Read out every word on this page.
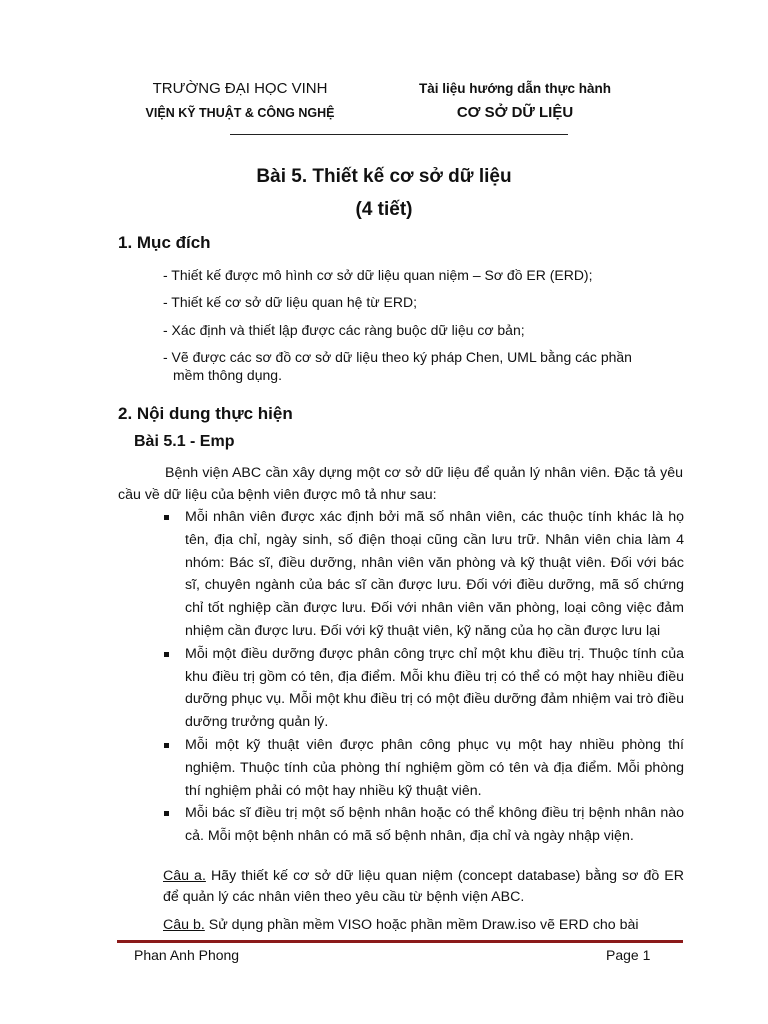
TRƯỜNG ĐẠI HỌC VINH
VIỆN KỸ THUẬT & CÔNG NGHỆ
Tài liệu hướng dẫn thực hành
CƠ SỞ DỮ LIỆU
Bài 5. Thiết kế cơ sở dữ liệu
(4 tiết)
1. Mục đích
- Thiết kế được mô hình cơ sở dữ liệu quan niệm – Sơ đồ ER (ERD);
- Thiết kế cơ sở dữ liệu quan hệ từ ERD;
- Xác định và thiết lập được các ràng buộc dữ liệu cơ bản;
- Vẽ được các sơ đồ cơ sở dữ liệu theo ký pháp Chen, UML bằng các phần
mềm thông dụng.
2. Nội dung thực hiện
Bài 5.1 - Emp
Bệnh viện ABC cần xây dựng một cơ sở dữ liệu để quản lý nhân viên. Đặc tả yêu cầu về dữ liệu của bệnh viên được mô tả như sau:
Mỗi nhân viên được xác định bởi mã số nhân viên, các thuộc tính khác là họ tên, địa chỉ, ngày sinh, số điện thoại cũng cần lưu trữ. Nhân viên chia làm 4 nhóm: Bác sĩ, điều dưỡng, nhân viên văn phòng và kỹ thuật viên. Đối với bác sĩ, chuyên ngành của bác sĩ cần được lưu. Đối với điều dưỡng, mã số chứng chỉ tốt nghiệp cần được lưu. Đối với nhân viên văn phòng, loại công việc đảm nhiệm cần được lưu. Đối với kỹ thuật viên, kỹ năng của họ cần được lưu lại
Mỗi một điều dưỡng được phân công trực chỉ một khu điều trị. Thuộc tính của khu điều trị gồm có tên, địa điểm. Mỗi khu điều trị có thể có một hay nhiều điều dưỡng phục vụ. Mỗi một khu điều trị có một điều dưỡng đảm nhiệm vai trò điều dưỡng trưởng quản lý.
Mỗi một kỹ thuật viên được phân công phục vụ một hay nhiều phòng thí nghiệm. Thuộc tính của phòng thí nghiệm gồm có tên và địa điểm. Mỗi phòng thí nghiệm phải có một hay nhiều kỹ thuật viên.
Mỗi bác sĩ điều trị một số bệnh nhân hoặc có thể không điều trị bệnh nhân nào cả. Mỗi một bệnh nhân có mã số bệnh nhân, địa chỉ và ngày nhập viện.
Câu a. Hãy thiết kế cơ sở dữ liệu quan niệm (concept database) bằng sơ đồ ER để quản lý các nhân viên theo yêu cầu từ bệnh viện ABC.
Câu b. Sử dụng phần mềm VISO hoặc phần mềm Draw.iso vẽ ERD cho bài
Phan Anh Phong	Page 1
